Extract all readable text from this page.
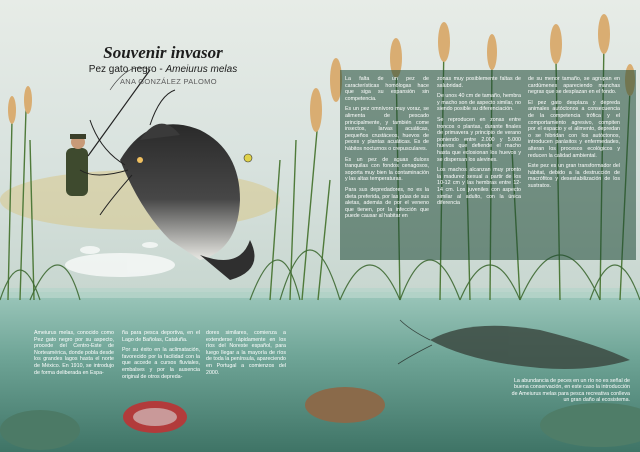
Souvenir invasor
Pez gato negro - Ameiurus melas
ANA GONZÁLEZ PALOMO	La falta de un pez de características homólogas hace que siga su expansión sin competencia.

Es un pez omnívoro muy voraz, se alimenta de pescado principalmente, y también come insectos, larvas acuáticas, pequeños crustáceos, huevos de peces y plantas acuáticas. Es de hábitos nocturnos o crepusculares.

Es un pez de aguas dulces tranquilas con fondos cenagosos, soporta muy bien la contaminación y las altas temperaturas.

Para sus depredadores, no es la dieta preferida, por las púas de sus aletas, además de por el veneno que tienen, por la infección que puede causar al habitar en

zonas muy posiblemente faltas de salubridad.

De unos 40 cm de tamaño, hembra y macho son de aspecto similar, no siendo posible su diferenciación.

Se reproducen en zonas entre troncos o plantas, durante finales de primavera y principio de verano poniendo entre 2.000 y 5.000 huevos que defiende el macho hasta que eclosionan los huevos y se dispersan los alevines.

Los machos alcanzan muy pronto la madurez sexual a partir de los 10-12 cm y las hembras entre 12-14 cm. Los juveniles con aspecto similar al adulto, con la única diferencia

de su menor tamaño, se agrupan en cardúmenes apareciendo manchas negras que se desplazan en el fondo.

El pez gato desplaza y depreda animales autóctonos a consecuencia de la competencia trófica y el comportamiento agresivo, compiten por el espacio y el alimento, depredan o se hibridan con los autóctonos, introducen parásitos y enfermedades, alteran los procesos ecológicos y reducen la calidad ambiental.

Este pez es un gran transformador del hábitat, debido a la destrucción de macrófitos y desestabilización de los sustratos.

Ameiurus melas, conocido como Pez gato negro por su aspecto, procede del Centro-Este de Norteamérica, donde pobla desde los grandes lagos hasta el norte de México. En 1910, se introdujo de forma deliberada en Espa-

ña para pesca deportiva, en el Lago de Bañolas, Cataluña.

Por su éxito en la aclimatación, favorecido por la facilidad con la que accede a cursos fluviales, embalses y por la ausencia original de otros depreda-

dores similares, comienza a extenderse rápidamente en los ríos del Noreste español, para luego llegar a la mayoría de ríos de toda la península, apareciendo en Portugal a comienzos del 2000.

La abundancia de peces en un río no es señal de buena conservación, en este caso la introducción de Ameiurus melas para pesca recreativa conlleva un gran daño al ecosistema.
